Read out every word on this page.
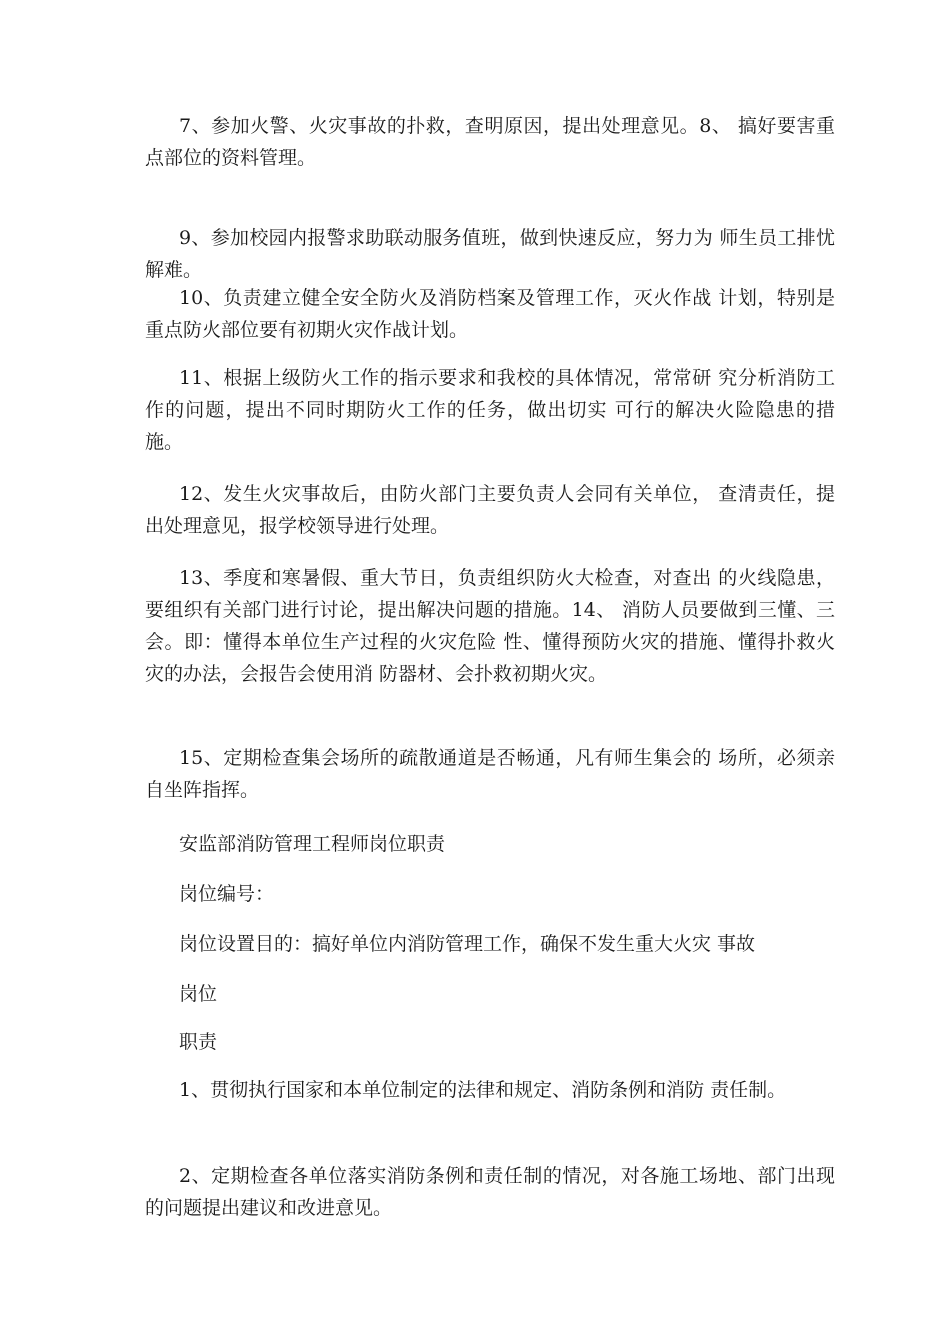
7、参加火警、火灾事故的扑救，查明原因，提出处理意见。8、 搞好要害重点部位的资料管理。

9、参加校园内报警求助联动服务值班，做到快速反应，努力为 师生员工排忧解难。

10、负责建立健全安全防火及消防档案及管理工作，灭火作战 计划，特别是重点防火部位要有初期火灾作战计划。

11、根据上级防火工作的指示要求和我校的具体情况，常常研 究分析消防工作的问题，提出不同时期防火工作的任务，做出切实 可行的解决火险隐患的措施。

12、发生火灾事故后，由防火部门主要负责人会同有关单位， 查清责任，提出处理意见，报学校领导进行处理。

13、季度和寒暑假、重大节日，负责组织防火大检查，对查出 的火线隐患，要组织有关部门进行讨论，提出解决问题的措施。14、 消防人员要做到三懂、三会。即：懂得本单位生产过程的火灾危险 性、懂得预防火灾的措施、懂得扑救火灾的办法，会报告会使用消 防器材、会扑救初期火灾。

15、定期检查集会场所的疏散通道是否畅通，凡有师生集会的 场所，必须亲自坐阵指挥。

安监部消防管理工程师岗位职责

岗位编号：

岗位设置目的：搞好单位内消防管理工作，确保不发生重大火灾 事故

岗位

职责

1、贯彻执行国家和本单位制定的法律和规定、消防条例和消防 责任制。

2、定期检查各单位落实消防条例和责任制的情况，对各施工场地、部门出现的问题提出建议和改进意见。
